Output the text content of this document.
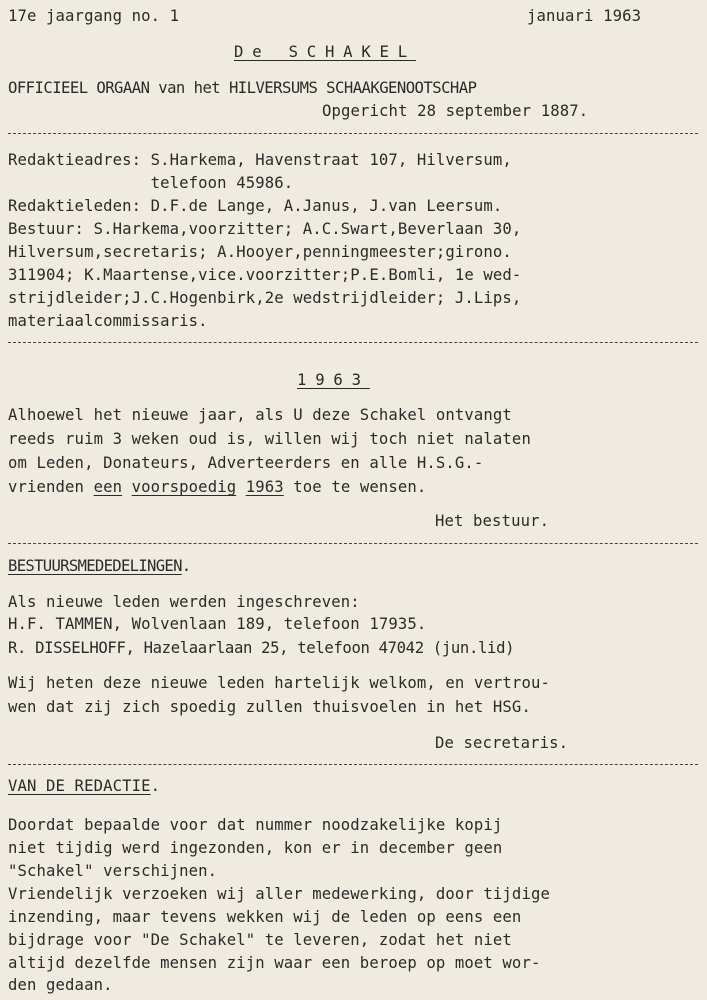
17e jaargang no. 1	januari 1963
De SCHAKEL
OFFICIEEL ORGAAN van het HILVERSUMS SCHAAKGENOOTSCHAP
Opgericht 28 september 1887.
Redaktieadres: S.Harkema, Havenstraat 107, Hilversum,
telefoon 45986.
Redaktieleden: D.F.de Lange, A.Janus, J.van Leersum.
Bestuur: S.Harkema,voorzitter; A.C.Swart,Beverlaan 30,
Hilversum,secretaris; A.Hooyer,penningmeester;girono.
311904; K.Maartense,vice.voorzitter;P.E.Bomli, 1e wed-
strijdleider;J.C.Hogenbirk,2e wedstrijdleider; J.Lips,
materiaalcommissaris.
1963
Alhoewel het nieuwe jaar, als U deze Schakel ontvangt
reeds ruim 3 weken oud is, willen wij toch niet nalaten
om Leden, Donateurs, Adverteerders en alle H.S.G.-
vrienden een voorspoedig 1963 toe te wensen.
Het bestuur.
BESTUURSMEDEDELINGEN.
Als nieuwe leden werden ingeschreven:
H.F. TAMMEN, Wolvenlaan 189, telefoon 17935.
R. DISSELHOFF, Hazelaarlaan 25, telefoon 47042 (jun.lid)
Wij heten deze nieuwe leden hartelijk welkom, en vertrou-
wen dat zij zich spoedig zullen thuisvoelen in het HSG.
De secretaris.
VAN DE REDACTIE.
Doordat bepaalde voor dat nummer noodzakelijke kopij
niet tijdig werd ingezonden, kon er in december geen
"Schakel" verschijnen.
Vriendelijk verzoeken wij aller medewerking, door tijdige
inzending, maar tevens wekken wij de leden op eens een
bijdrage voor "De Schakel" te leveren, zodat het niet
altijd dezelfde mensen zijn waar een beroep op moet wor-
den gedaan.
